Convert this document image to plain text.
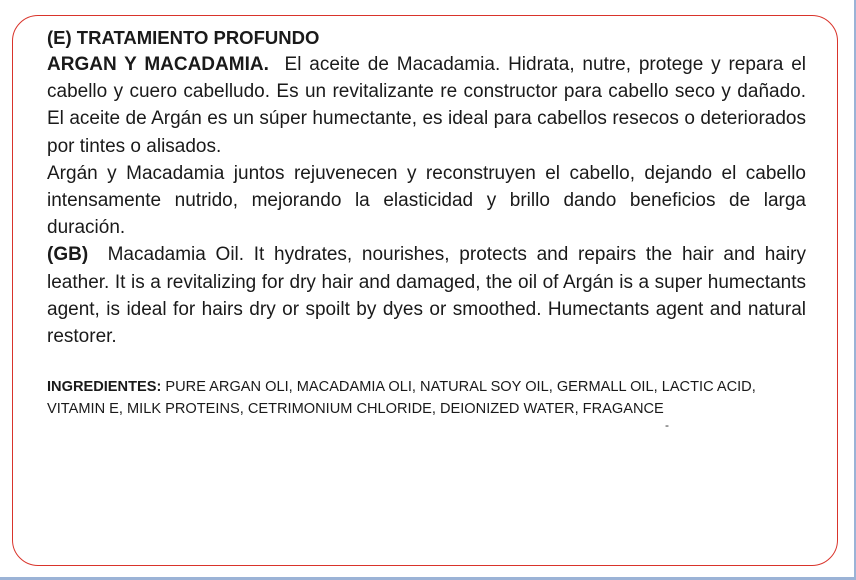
(E) TRATAMIENTO PROFUNDO

ARGAN Y MACADAMIA. El aceite de Macadamia. Hidrata, nutre, protege y repara el cabello y cuero cabelludo. Es un revitalizante re constructor para cabello seco y dañado. El aceite de Argán es un súper humectante, es ideal para cabellos resecos o deteriorados por tintes o alisados.

Argán y Macadamia juntos rejuvenecen y reconstruyen el cabello, dejando el cabello intensamente nutrido, mejorando la elasticidad y brillo dando beneficios de larga duración.

(GB) Macadamia Oil. It hydrates, nourishes, protects and repairs the hair and hairy leather. It is a revitalizing for dry hair and damaged, the oil of Argán is a super humectants agent, is ideal for hairs dry or spoilt by dyes or smoothed. Humectants agent and natural restorer.

INGREDIENTES: PURE ARGAN OLI, MACADAMIA OLI, NATURAL SOY OIL, GERMALL OIL, LACTIC ACID, VITAMIN E, MILK PROTEINS, CETRIMONIUM CHLORIDE, DEIONIZED WATER, FRAGANCE

-
